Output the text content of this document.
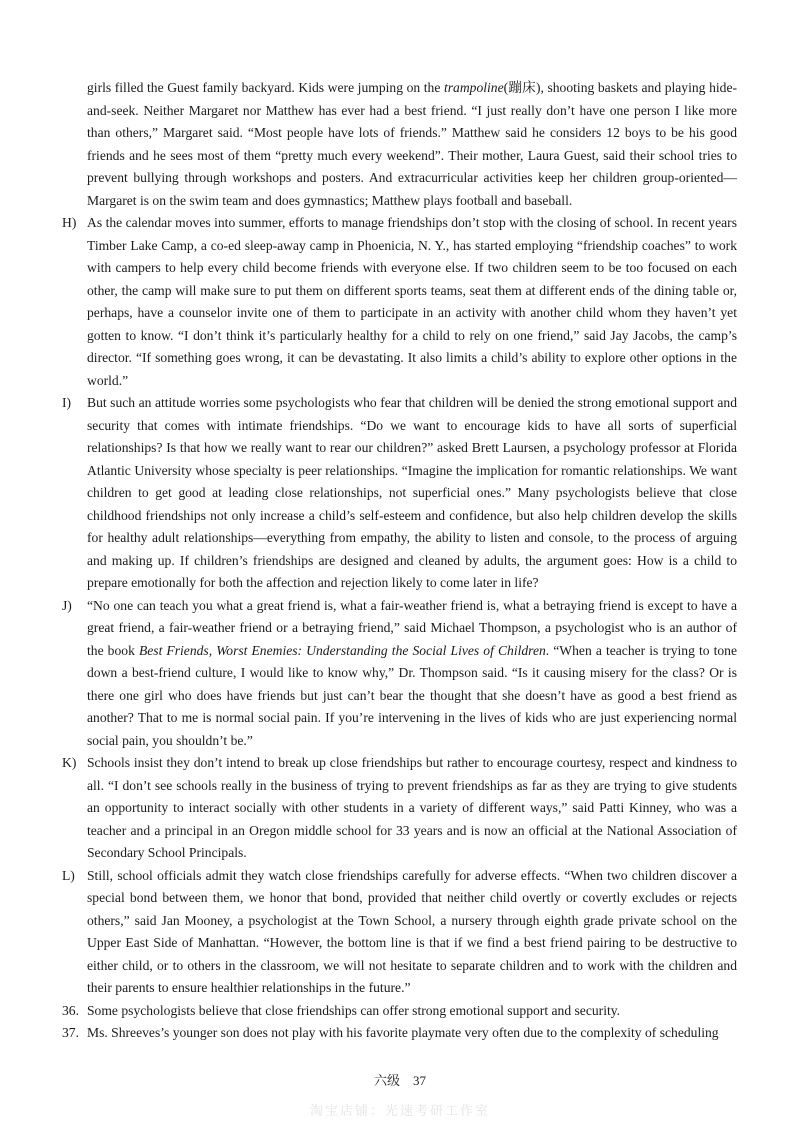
girls filled the Guest family backyard. Kids were jumping on the trampoline(蹦床), shooting baskets and playing hide-and-seek. Neither Margaret nor Matthew has ever had a best friend. “I just really don’t have one person I like more than others,” Margaret said. “Most people have lots of friends.” Matthew said he considers 12 boys to be his good friends and he sees most of them “pretty much every weekend”. Their mother, Laura Guest, said their school tries to prevent bullying through workshops and posters. And extracurricular activities keep her children group-oriented—Margaret is on the swim team and does gymnastics; Matthew plays football and baseball.

H) As the calendar moves into summer, efforts to manage friendships don’t stop with the closing of school. In recent years Timber Lake Camp, a co-ed sleep-away camp in Phoenicia, N. Y., has started employing “friendship coaches” to work with campers to help every child become friends with everyone else. If two children seem to be too focused on each other, the camp will make sure to put them on different sports teams, seat them at different ends of the dining table or, perhaps, have a counselor invite one of them to participate in an activity with another child whom they haven’t yet gotten to know. “I don’t think it’s particularly healthy for a child to rely on one friend,” said Jay Jacobs, the camp’s director. “If something goes wrong, it can be devastating. It also limits a child’s ability to explore other options in the world.”

I)	But such an attitude worries some psychologists who fear that children will be denied the strong emotional support and security that comes with intimate friendships. “Do we want to encourage kids to have all sorts of superficial relationships? Is that how we really want to rear our children?” asked Brett Laursen, a psychology professor at Florida Atlantic University whose specialty is peer relationships. “Imagine the implication for romantic relationships. We want children to get good at leading close relationships, not superficial ones.” Many psychologists believe that close childhood friendships not only increase a child’s self-esteem and confidence, but also help children develop the skills for healthy adult relationships—everything from empathy, the ability to listen and console, to the process of arguing and making up. If children’s friendships are designed and cleaned by adults, the argument goes: How is a child to prepare emotionally for both the affection and rejection likely to come later in life?

J)	“No one can teach you what a great friend is, what a fair-weather friend is, what a betraying friend is except to have a great friend, a fair-weather friend or a betraying friend,” said Michael Thompson, a psychologist who is an author of the book Best Friends, Worst Enemies: Understanding the Social Lives of Children. “When a teacher is trying to tone down a best-friend culture, I would like to know why,” Dr. Thompson said. “Is it causing misery for the class? Or is there one girl who does have friends but just can’t bear the thought that she doesn’t have as good a best friend as another? That to me is normal social pain. If you’re intervening in the lives of kids who are just experiencing normal social pain, you shouldn’t be.”

K) Schools insist they don’t intend to break up close friendships but rather to encourage courtesy, respect and kindness to all. “I don’t see schools really in the business of trying to prevent friendships as far as they are trying to give students an opportunity to interact socially with other students in a variety of different ways,” said Patti Kinney, who was a teacher and a principal in an Oregon middle school for 33 years and is now an official at the National Association of Secondary School Principals.

L) Still, school officials admit they watch close friendships carefully for adverse effects. “When two children discover a special bond between them, we honor that bond, provided that neither child overtly or covertly excludes or rejects others,” said Jan Mooney, a psychologist at the Town School, a nursery through eighth grade private school on the Upper East Side of Manhattan. “However, the bottom line is that if we find a best friend pairing to be destructive to either child, or to others in the classroom, we will not hesitate to separate children and to work with the children and their parents to ensure healthier relationships in the future.”

36. Some psychologists believe that close friendships can offer strong emotional support and security.

37. Ms. Shreeves’s younger son does not play with his favorite playmate very often due to the complexity of scheduling

六级 37
淘宝店铺：光速考研工作室
